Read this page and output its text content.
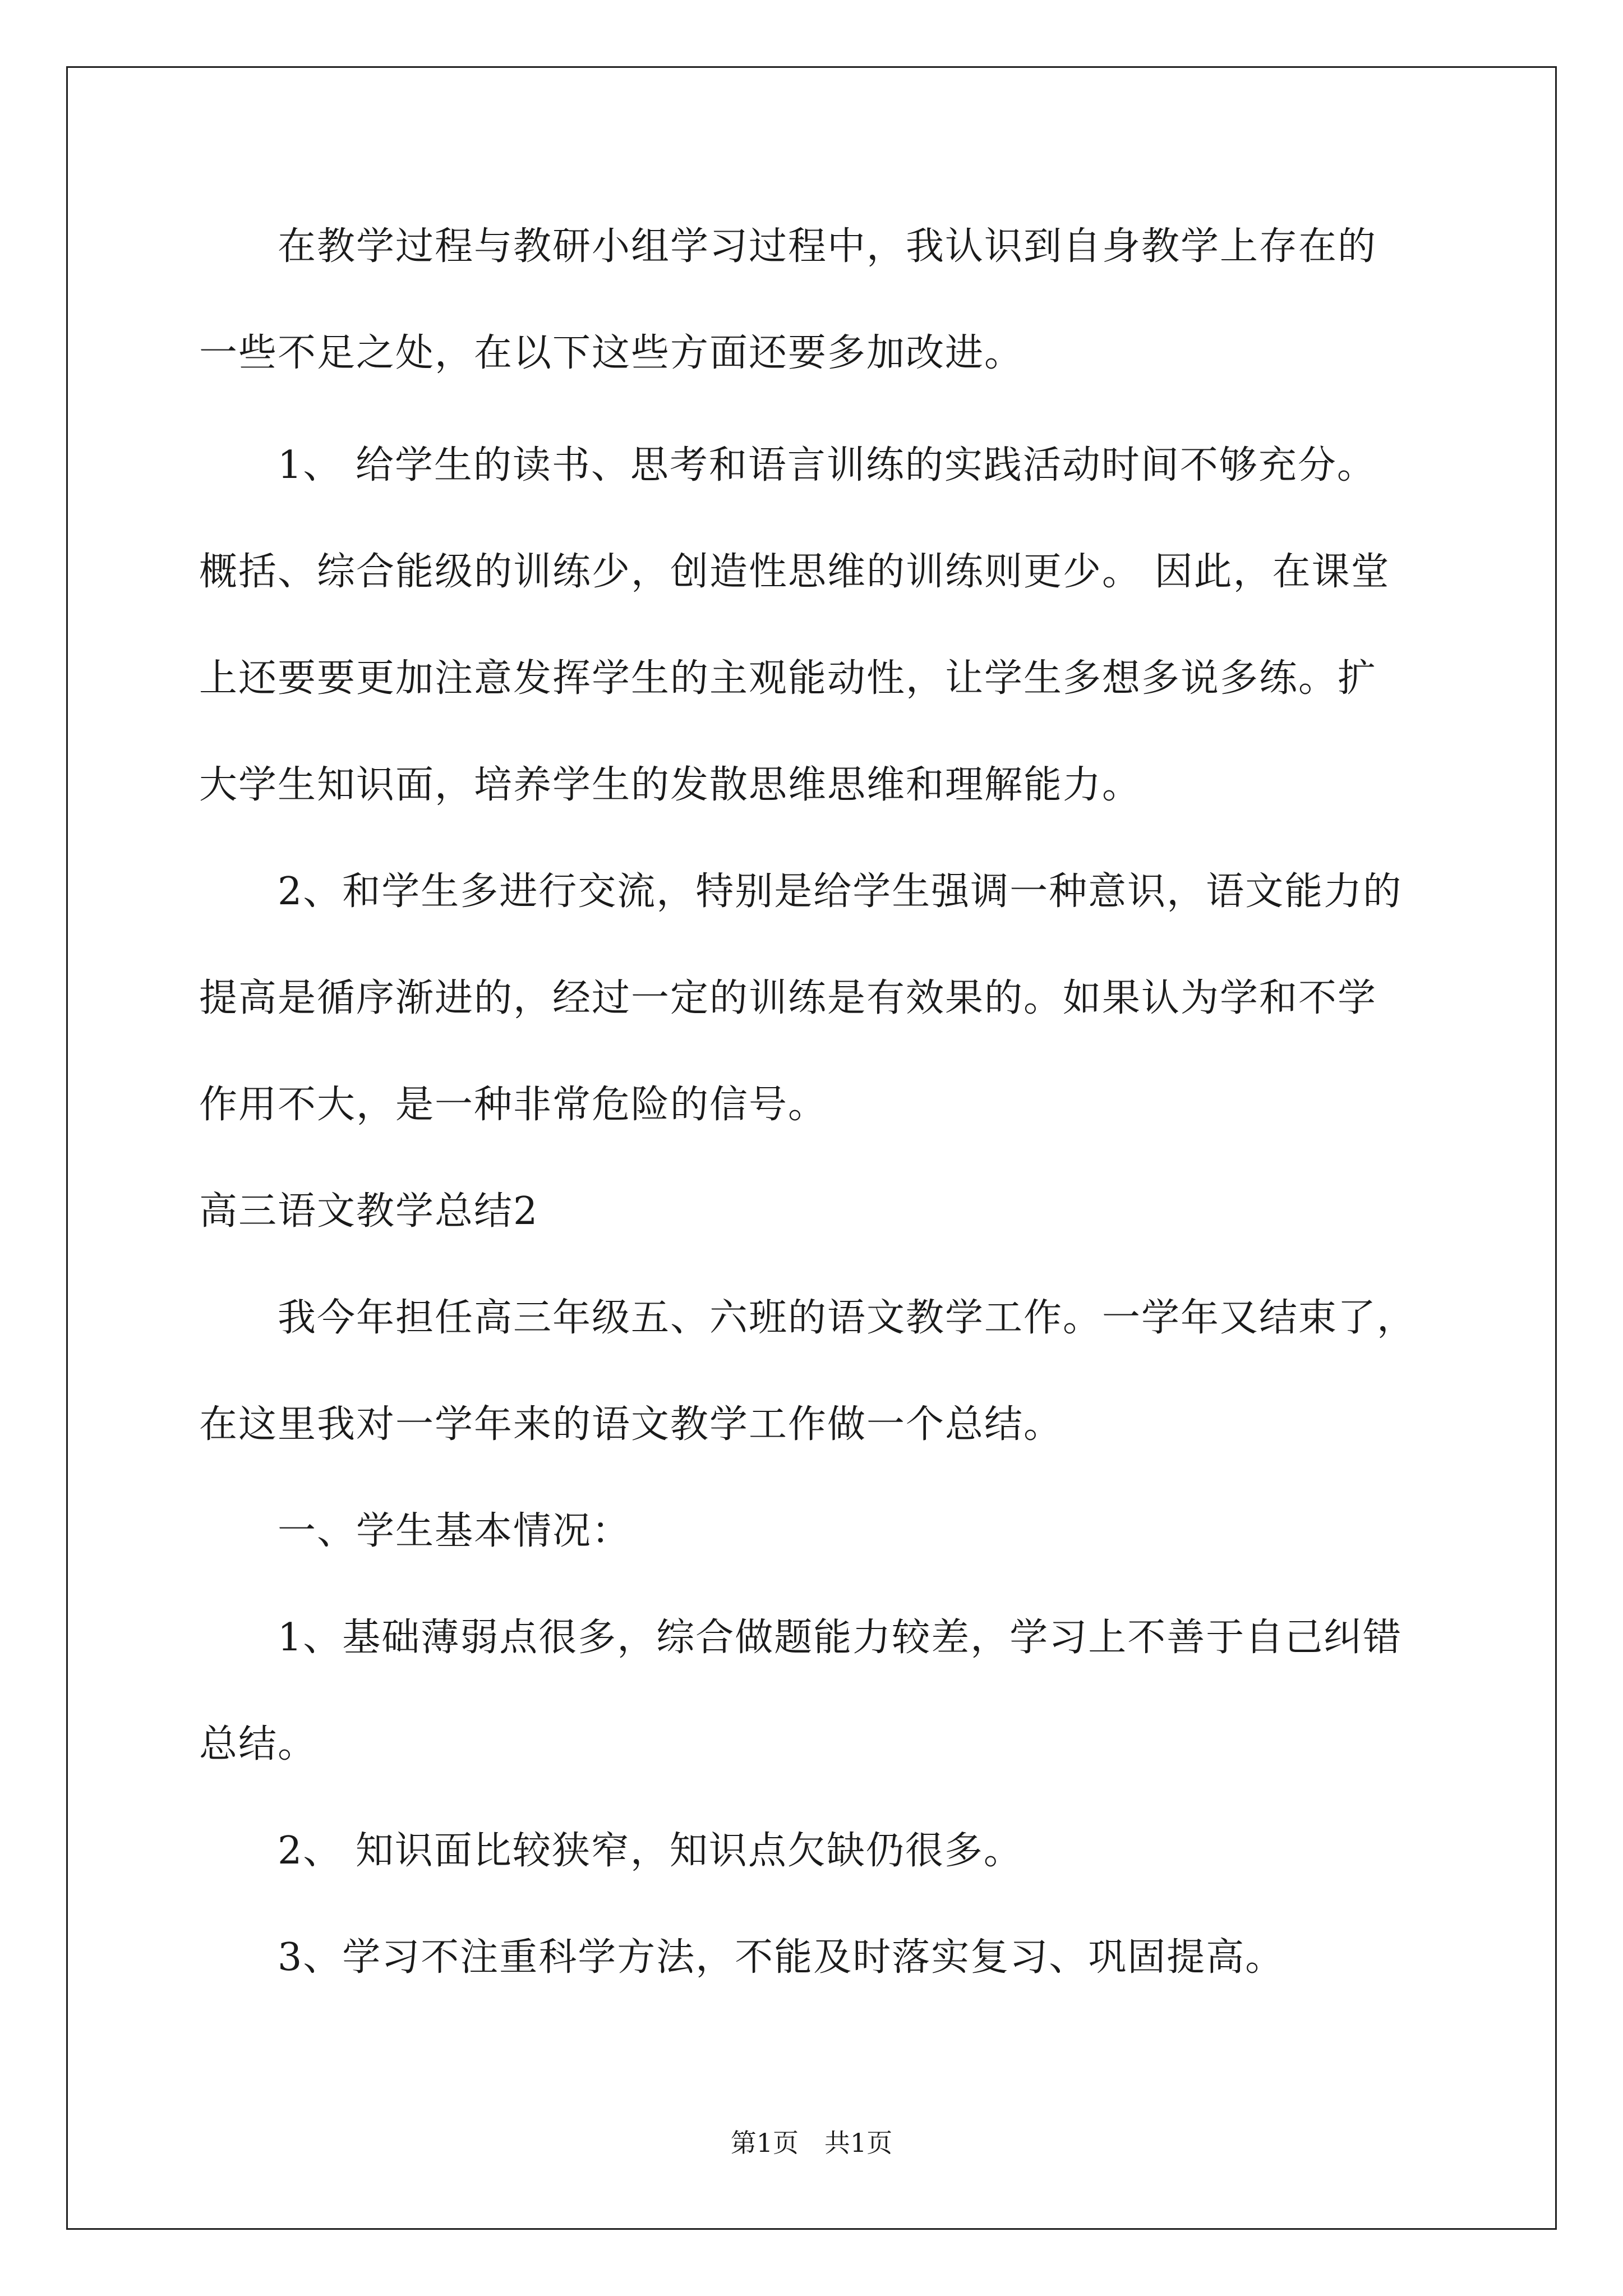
　　在教学过程与教研小组学习过程中，我认识到自身教学上存在的
一些不足之处，在以下这些方面还要多加改进。
　　1、 给学生的读书、思考和语言训练的实践活动时间不够充分。
概括、综合能级的训练少，创造性思维的训练则更少。 因此，在课堂
上还要要更加注意发挥学生的主观能动性，让学生多想多说多练。扩
大学生知识面，培养学生的发散思维思维和理解能力。
　　2、和学生多进行交流，特别是给学生强调一种意识，语文能力的
提高是循序渐进的，经过一定的训练是有效果的。如果认为学和不学
作用不大，是一种非常危险的信号。
高三语文教学总结2
　　我今年担任高三年级五、六班的语文教学工作。一学年又结束了，
在这里我对一学年来的语文教学工作做一个总结。
　　一、学生基本情况：
　　1、基础薄弱点很多，综合做题能力较差，学习上不善于自己纠错
总结。
　　2、 知识面比较狭窄，知识点欠缺仍很多。
　　3、学习不注重科学方法，不能及时落实复习、巩固提高。
第1页　共1页
